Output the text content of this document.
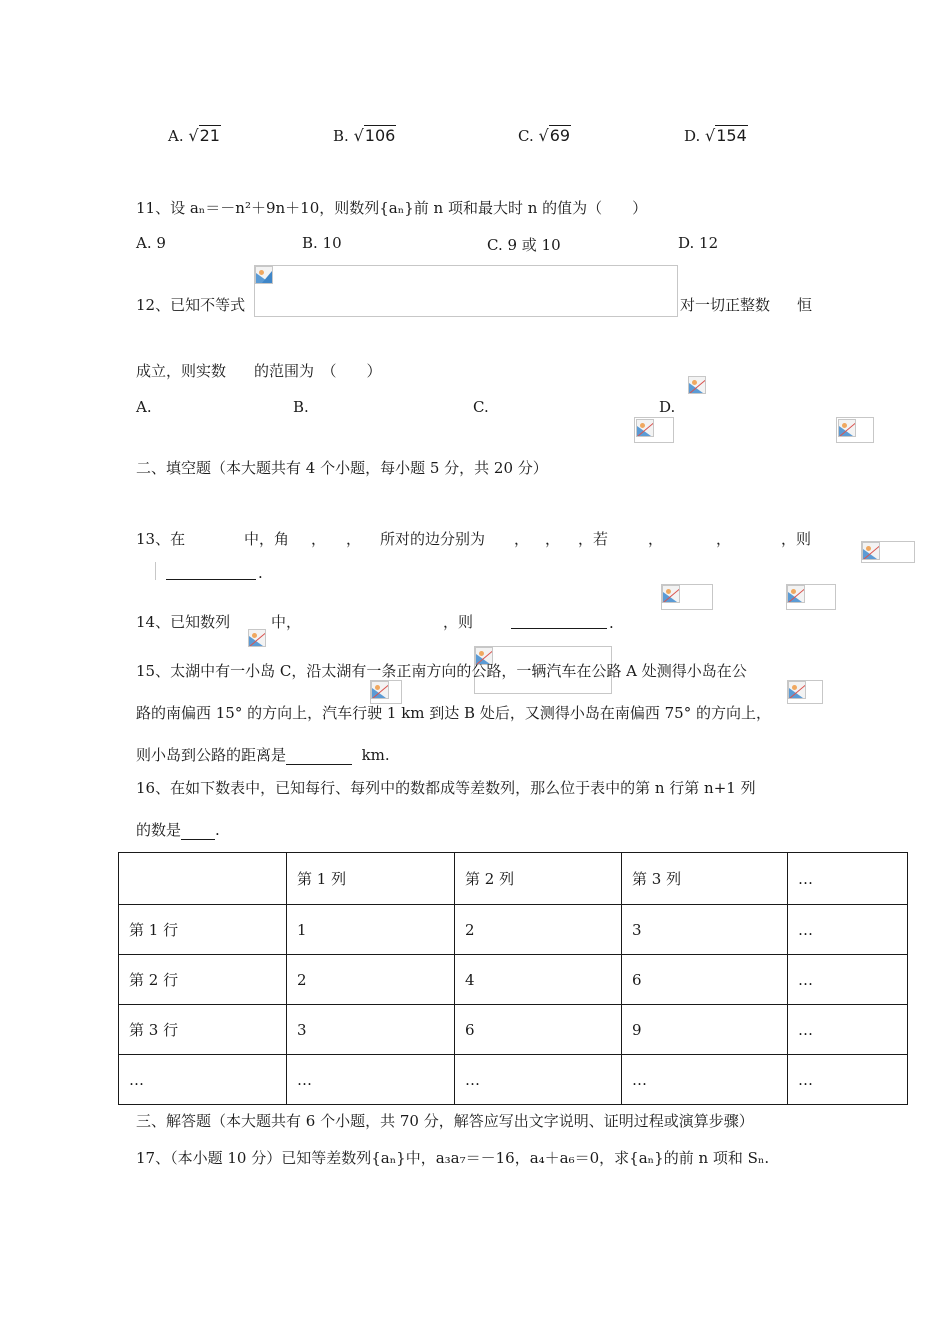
A. √21	B. √106	C. √69	D. √154
11、设 aₙ＝－n²＋9n＋10，则数列{aₙ}前 n 项和最大时 n 的值为（　　）
A. 9	B. 10	C. 9 或 10	D. 12
12、已知不等式
	对一切正整数
恒
成立，则实数
的范围为　（　　）
A.
	B.
	C.
	D.

二、填空题（本大题共有 4 个小题，每小题 5 分，共 20 分）
13、在
	中，角
，
，
所对的边分别为
，
，
，若
	，
	，
	，则

.
14、已知数列
	中，
	，则	.
15、太湖中有一小岛 C，沿太湖有一条正南方向的公路，一辆汽车在公路 A 处测得小岛在公
路的南偏西 15° 的方向上，汽车行驶 1 km 到达 B 处后，又测得小岛在南偏西 75° 的方向上，
则小岛到公路的距离是	km.
16、在如下数表中，已知每行、每列中的数都成等差数列，那么位于表中的第 n 行第 n+1 列
的数是 .
	第 1 列	第 2 列	第 3 列	…
第 1 行	1	2	3	…
第 2 行	2	4	6	…
第 3 行	3	6	9	…
…	…	…	…	…
三、解答题（本大题共有 6 个小题，共 70 分，解答应写出文字说明、证明过程或演算步骤）
17、（本小题 10 分）已知等差数列{aₙ}中，a₃a₇＝－16，a₄＋a₆＝0，求{aₙ}的前 n 项和 Sₙ.
